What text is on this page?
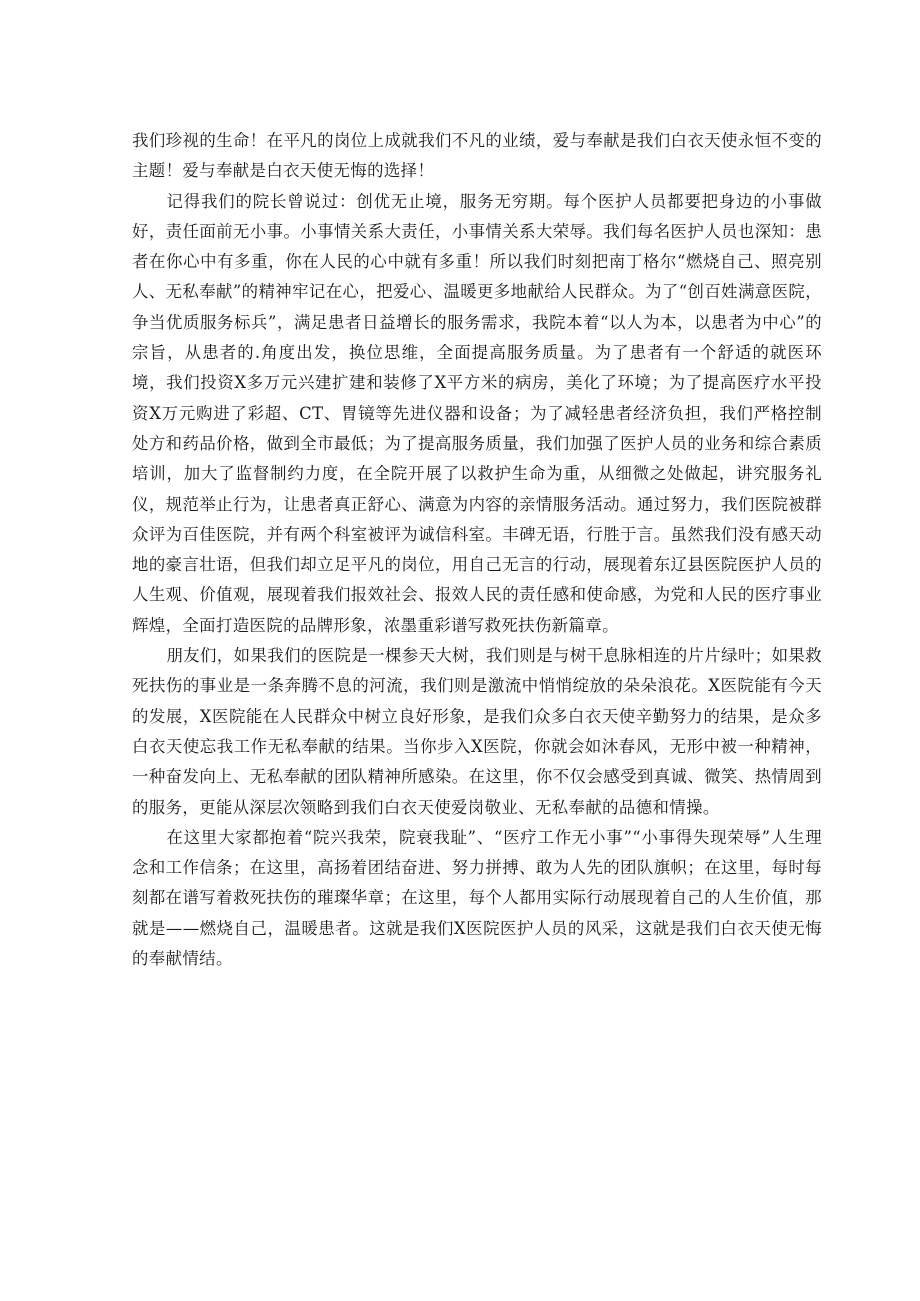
我们珍视的生命！在平凡的岗位上成就我们不凡的业绩，爱与奉献是我们白衣天使永恒不变的主题！爱与奉献是白衣天使无悔的选择！

记得我们的院长曾说过：创优无止境，服务无穷期。每个医护人员都要把身边的小事做好，责任面前无小事。小事情关系大责任，小事情关系大荣辱。我们每名医护人员也深知：患者在你心中有多重，你在人民的心中就有多重！所以我们时刻把南丁格尔“燃烧自己、照亮别人、无私奉献”的精神牢记在心，把爱心、温暖更多地献给人民群众。为了“创百姓满意医院，争当优质服务标兵”，满足患者日益增长的服务需求，我院本着“以人为本，以患者为中心”的宗旨，从患者的.角度出发，换位思维，全面提高服务质量。为了患者有一个舒适的就医环境，我们投资X多万元兴建扩建和装修了X平方米的病房，美化了环境；为了提高医疗水平投资X万元购进了彩超、CT、胃镜等先进仪器和设备；为了减轻患者经济负担，我们严格控制处方和药品价格，做到全市最低；为了提高服务质量，我们加强了医护人员的业务和综合素质培训，加大了监督制约力度，在全院开展了以救护生命为重，从细微之处做起，讲究服务礼仪，规范举止行为，让患者真正舒心、满意为内容的亲情服务活动。通过努力，我们医院被群众评为百佳医院，并有两个科室被评为诚信科室。丰碑无语，行胜于言。虽然我们没有感天动地的豪言壮语，但我们却立足平凡的岗位，用自己无言的行动，展现着东辽县医院医护人员的人生观、价值观，展现着我们报效社会、报效人民的责任感和使命感，为党和人民的医疗事业辉煌，全面打造医院的品牌形象，浓墨重彩谱写救死扶伤新篇章。

朋友们，如果我们的医院是一棵参天大树，我们则是与树干息脉相连的片片绿叶；如果救死扶伤的事业是一条奔腾不息的河流，我们则是激流中悄悄绽放的朵朵浪花。X医院能有今天的发展，X医院能在人民群众中树立良好形象，是我们众多白衣天使辛勤努力的结果，是众多白衣天使忘我工作无私奉献的结果。当你步入X医院，你就会如沐春风，无形中被一种精神，一种奋发向上、无私奉献的团队精神所感染。在这里，你不仅会感受到真诚、微笑、热情周到的服务，更能从深层次领略到我们白衣天使爱岗敬业、无私奉献的品德和情操。

在这里大家都抱着“院兴我荣，院衰我耻”、“医疗工作无小事”“小事得失现荣辱”人生理念和工作信条；在这里，高扬着团结奋进、努力拼搏、敢为人先的团队旗帜；在这里，每时每刻都在谱写着救死扶伤的璀璨华章；在这里，每个人都用实际行动展现着自己的人生价值，那就是——燃烧自己，温暖患者。这就是我们X医院医护人员的风采，这就是我们白衣天使无悔的奉献情结。
